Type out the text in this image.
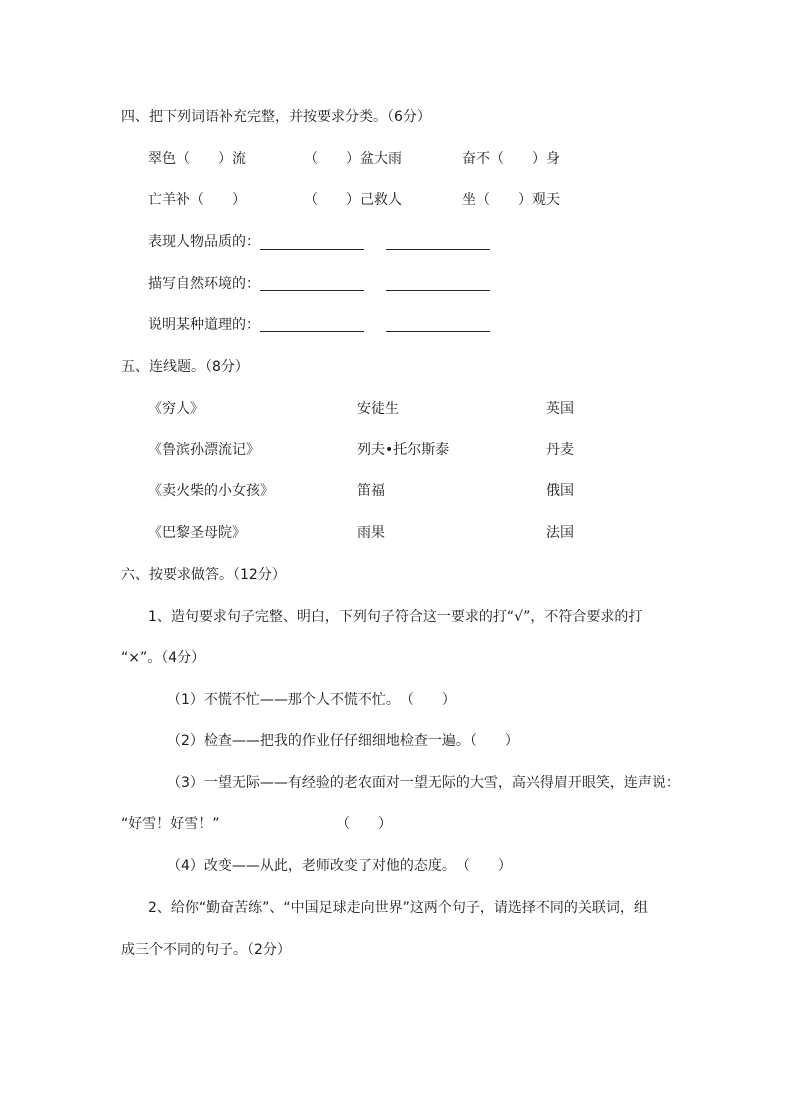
四、把下列词语补充完整，并按要求分类。（6分）
翠色（　　）流	（　　）盆大雨	奋不（　　）身
亡羊补（　　）	（　　）己救人	坐（　　）观天
表现人物品质的：
描写自然环境的：
说明某种道理的：
五、连线题。（8分）
《穷人》	安徒生	英国
《鲁滨孙漂流记》	列夫•托尔斯泰	丹麦
《卖火柴的小女孩》	笛福	俄国
《巴黎圣母院》	雨果	法国
六、按要求做答。（12分）
1、造句要求句子完整、明白，下列句子符合这一要求的打“√”，不符合要求的打
“×”。（4分）
（1）不慌不忙——那个人不慌不忙。　（　　）
（2）检查——把我的作业仔仔细细地检查一遍。（　　）
（3）一望无际——有经验的老农面对一望无际的大雪，高兴得眉开眼笑，连声说：
“好雪！好雪！”	（　　）
（4）改变——从此，老师改变了对他的态度。　（　　）
2、给你“勤奋苦练”、“中国足球走向世界”这两个句子，请选择不同的关联词，组
成三个不同的句子。（2分）
